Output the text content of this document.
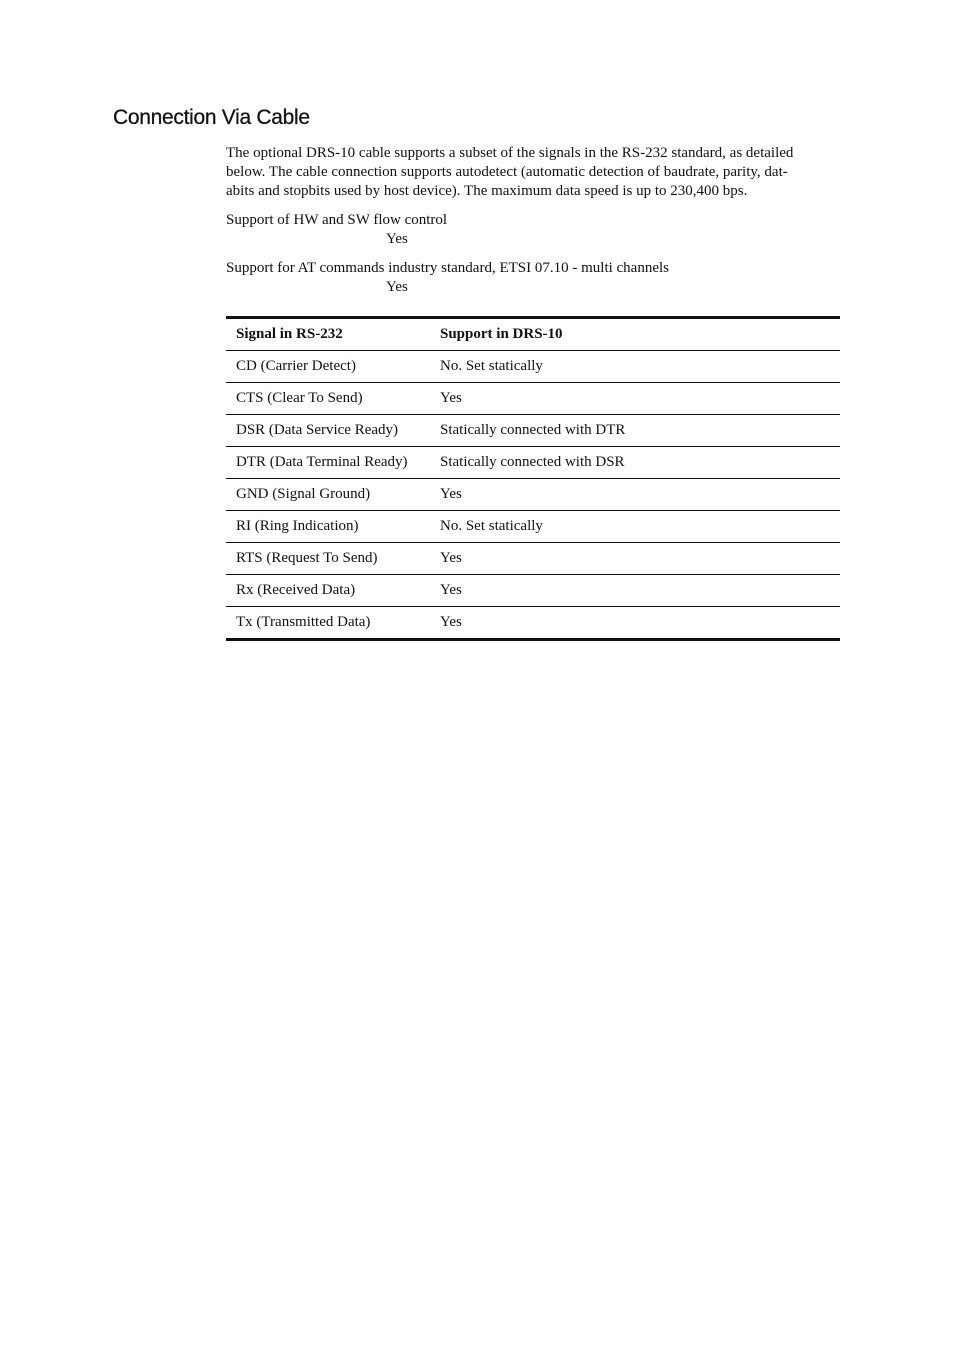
Connection Via Cable

The optional DRS-10 cable supports a subset of the signals in the RS-232 standard, as detailed
below. The cable connection supports autodetect (automatic detection of baudrate, parity, dat-
abits and stopbits used by host device). The maximum data speed is up to 230,400 bps.

Support of HW and SW flow control
Yes
Support for AT commands industry standard, ETSI 07.10 - multi channels
Yes
Signal in RS-232	Support in DRS-10
CD (Carrier Detect)	No. Set statically
CTS (Clear To Send)	Yes
DSR (Data Service Ready)	Statically connected with DTR
DTR (Data Terminal Ready)	Statically connected with DSR
GND (Signal Ground)	Yes
RI (Ring Indication)	No. Set statically
RTS (Request To Send)	Yes
Rx (Received Data)	Yes
Tx (Transmitted Data)	Yes
